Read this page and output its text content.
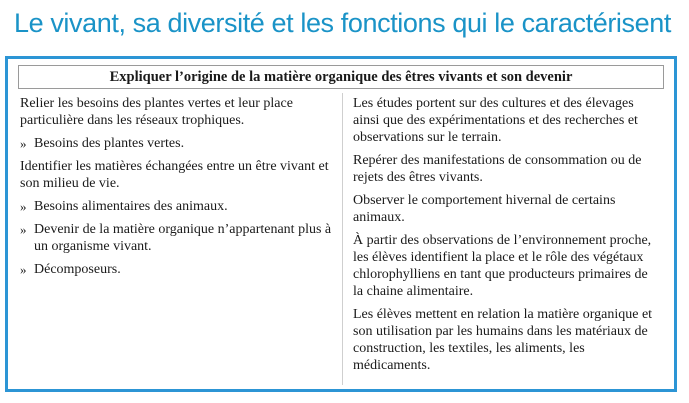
Le vivant, sa diversité et les fonctions qui le caractérisent
Expliquer l’origine de la matière organique des êtres vivants et son devenir

Relier les besoins des plantes vertes et leur place particulière dans les réseaux trophiques.

» Besoins des plantes vertes.

Identifier les matières échangées entre un être vivant et son milieu de vie.

» Besoins alimentaires des animaux.
» Devenir de la matière organique n’appartenant plus à un organisme vivant.
» Décomposeurs.

Les études portent sur des cultures et des élevages ainsi que des expérimentations et des recherches et observations sur le terrain.

Repérer des manifestations de consommation ou de rejets des êtres vivants.

Observer le comportement hivernal de certains animaux.

À partir des observations de l’environnement proche, les élèves identifient la place et le rôle des végétaux chlorophylliens en tant que producteurs primaires de la chaine alimentaire.

Les élèves mettent en relation la matière organique et son utilisation par les humains dans les matériaux de construction, les textiles, les aliments, les médicaments.
